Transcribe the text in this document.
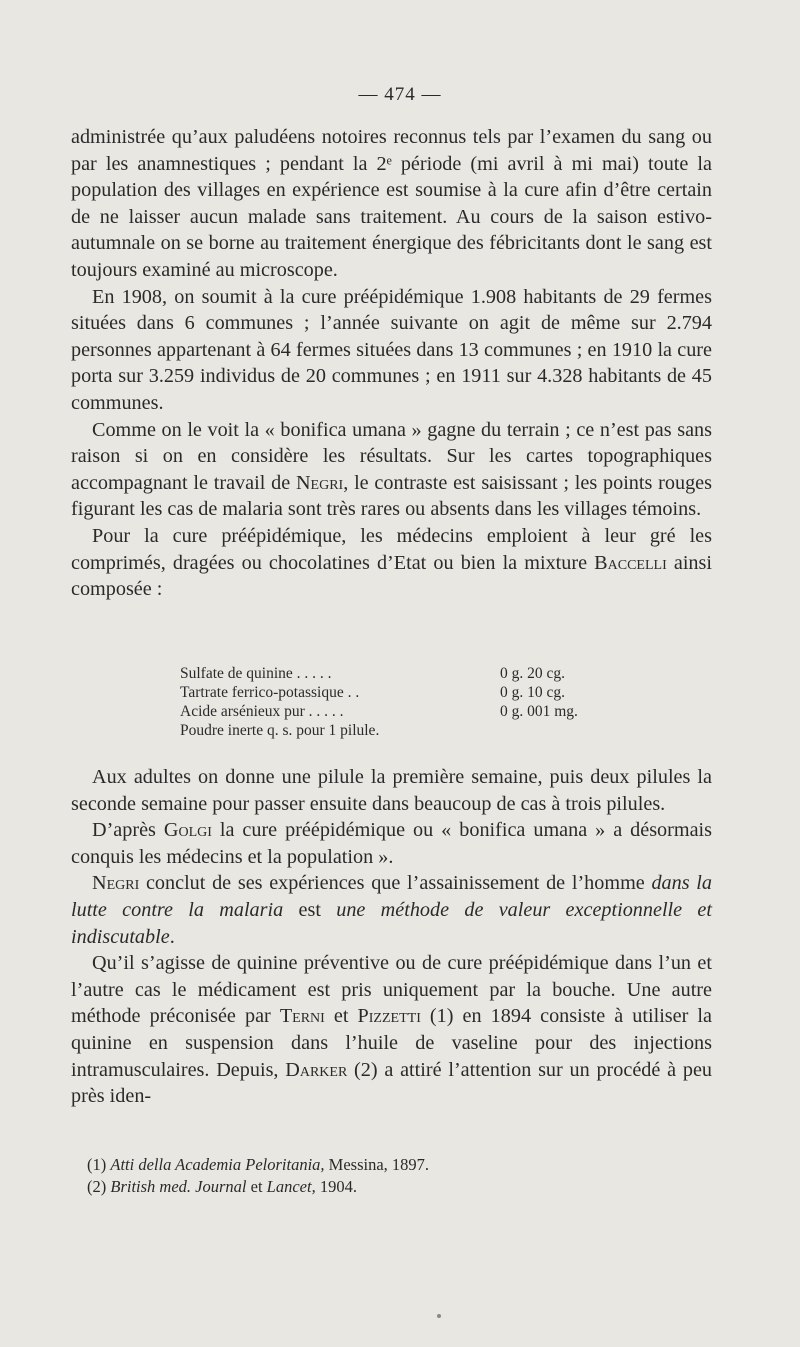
— 474 —

administrée qu’aux paludéens notoires reconnus tels par l’examen du sang ou par les anamnestiques ; pendant la 2ᵉ période (mi avril à mi mai) toute la population des villages en expérience est soumise à la cure afin d’être certain de ne laisser aucun malade sans traitement. Au cours de la saison estivo-autumnale on se borne au traitement énergique des fébricitants dont le sang est toujours examiné au microscope.

En 1908, on soumit à la cure préépidémique 1.908 habitants de 29 fermes situées dans 6 communes ; l’année suivante on agit de même sur 2.794 personnes appartenant à 64 fermes situées dans 13 communes ; en 1910 la cure porta sur 3.259 individus de 20 communes ; en 1911 sur 4.328 habitants de 45 communes.

Comme on le voit la « bonifica umana » gagne du terrain ; ce n’est pas sans raison si on en considère les résultats. Sur les cartes topographiques accompagnant le travail de Negri, le contraste est saisissant ; les points rouges figurant les cas de malaria sont très rares ou absents dans les villages témoins.

Pour la cure préépidémique, les médecins emploient à leur gré les comprimés, dragées ou chocolatines d’Etat ou bien la mixture Baccelli ainsi composée :

Sulfate de quinine . . . . .	0 g. 20 cg.
Tartrate ferrico-potassique . .	0 g. 10 cg.
Acide arsénieux pur . . . . .	0 g. 001 mg.
Poudre inerte q. s. pour 1 pilule.

Aux adultes on donne une pilule la première semaine, puis deux pilules la seconde semaine pour passer ensuite dans beaucoup de cas à trois pilules.

D’après Golgi la cure préépidémique ou « bonifica umana » a désormais conquis les médecins et la population ».

Negri conclut de ses expériences que l’assainissement de l’homme dans la lutte contre la malaria est une méthode de valeur exceptionnelle et indiscutable.

Qu’il s’agisse de quinine préventive ou de cure préépidémique dans l’un et l’autre cas le médicament est pris uniquement par la bouche. Une autre méthode préconisée par Terni et Pizzetti (1) en 1894 consiste à utiliser la quinine en suspension dans l’huile de vaseline pour des injections intramusculaires. Depuis, Darker (2) a attiré l’attention sur un procédé à peu près iden-

(1) Atti della Academia Peloritania, Messina, 1897.
(2) British med. Journal et Lancet, 1904.
